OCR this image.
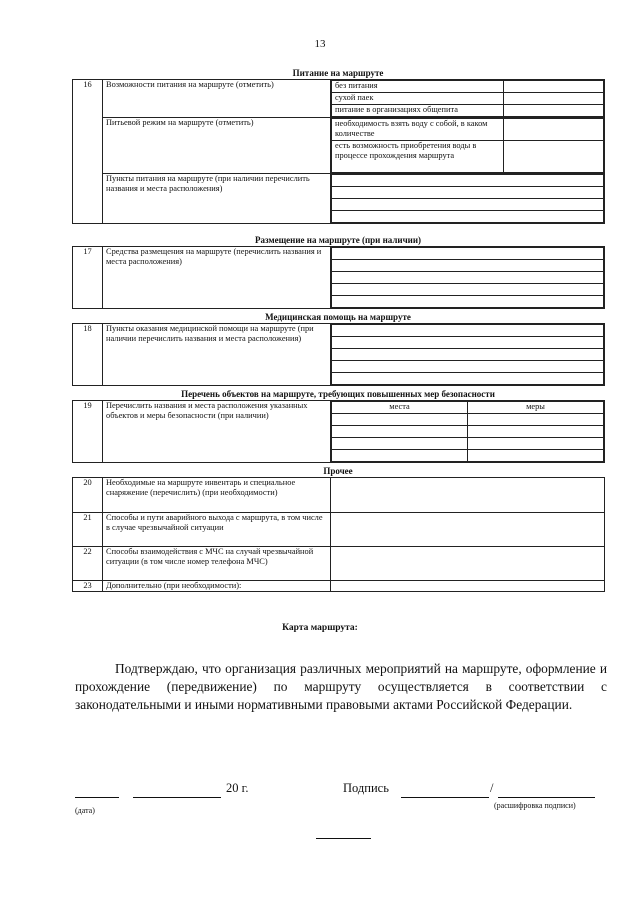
13
Питание на маршруте
16	Возможности питания на маршруте (отметить)		без питания	
сухой паек	
питание в организациях общепита	

Питьевой режим на маршруте (отметить)		необходимость взять воду с собой, в каком количестве	
есть возможность приобретения воды в процессе прохождения маршрута	

Пункты питания на маршруте (при наличии перечислить названия и места расположения)	

Размещение на маршруте (при наличии)
17	Средства размещения на маршруте (перечислить названия и места расположения)	

Медицинская помощь на маршруте
18	Пункты оказания медицинской помощи на маршруте (при наличии перечислить названия и места расположения)	

Перечень объектов на маршруте, требующих повышенных мер безопасности
19	Перечислить названия и места расположения указанных объектов и меры безопасности (при наличии)	
места	меры

Прочее
20	Необходимые на маршруте инвентарь и специальное снаряжение (перечислить) (при необходимости)	
21	Способы и пути аварийного выхода с маршрута, в том числе в случае чрезвычайной ситуации	
22	Способы взаимодействия с МЧС на случай чрезвычайной ситуации (в том числе номер телефона МЧС)	
23	Дополнительно (при необходимости):	
Карта маршрута:
Подтверждаю, что организация различных мероприятий на маршруте, оформление и прохождение (передвижение) по маршруту осуществляется в соответствии с законодательными и иными нормативными правовыми актами Российской Федерации.
20 г.	Подпись	/
(дата)
(расшифровка подписи)
